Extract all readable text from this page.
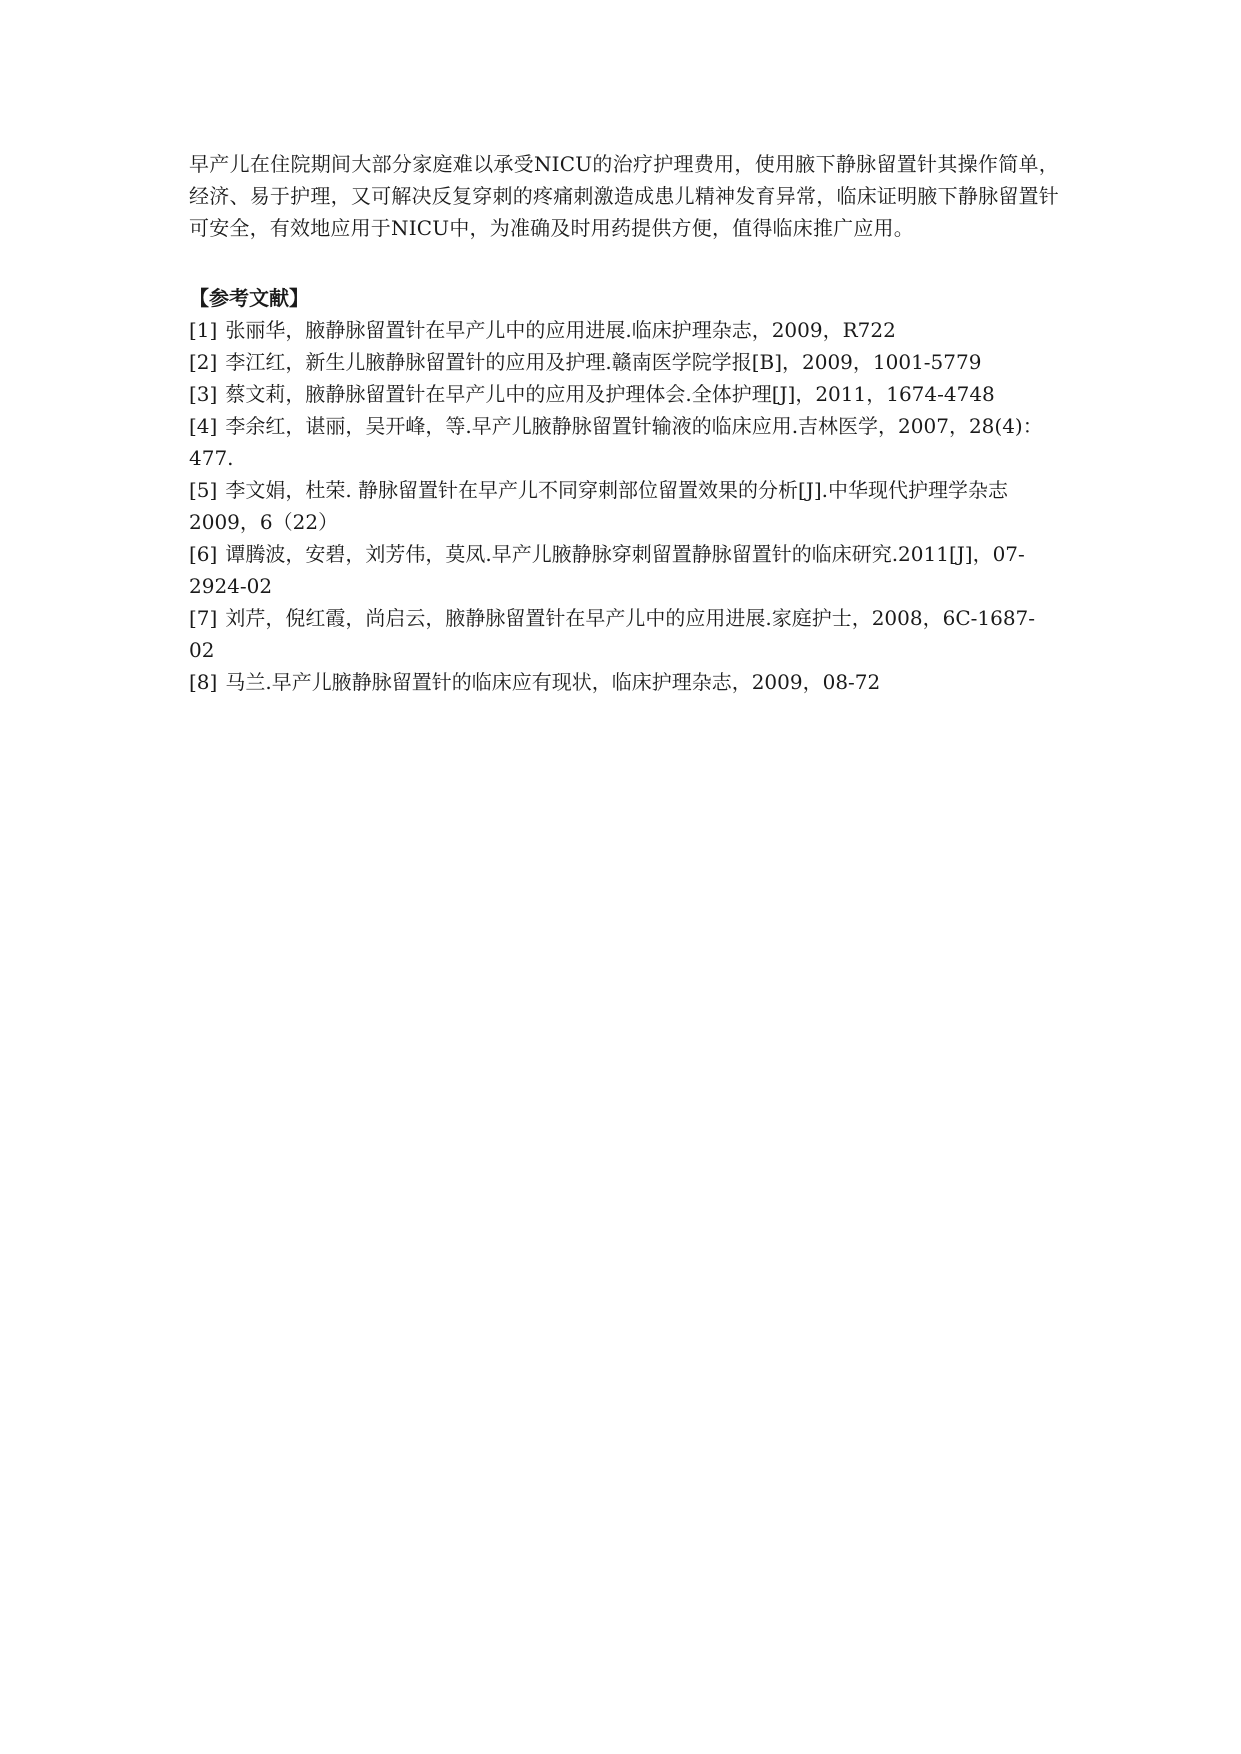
早产儿在住院期间大部分家庭难以承受NICU的治疗护理费用，使用腋下静脉留置针其操作简单，经济、易于护理，又可解决反复穿刺的疼痛刺激造成患儿精神发育异常，临床证明腋下静脉留置针可安全，有效地应用于NICU中，为准确及时用药提供方便，值得临床推广应用。

【参考文献】
[1] 张丽华，腋静脉留置针在早产儿中的应用进展.临床护理杂志，2009，R722
[2] 李江红，新生儿腋静脉留置针的应用及护理.赣南医学院学报[B]，2009，1001-5779
[3] 蔡文莉，腋静脉留置针在早产儿中的应用及护理体会.全体护理[J]，2011，1674-4748
[4] 李余红，谌丽，吴开峰，等.早产儿腋静脉留置针输液的临床应用.吉林医学，2007，28(4)：477.
[5] 李文娟，杜荣. 静脉留置针在早产儿不同穿刺部位留置效果的分析[J].中华现代护理学杂志 2009，6（22）
[6] 谭腾波，安碧，刘芳伟，莫凤.早产儿腋静脉穿刺留置静脉留置针的临床研究.2011[J]，07-2924-02
[7] 刘芹，倪红霞，尚启云，腋静脉留置针在早产儿中的应用进展.家庭护士，2008，6C-1687-02
[8] 马兰.早产儿腋静脉留置针的临床应有现状，临床护理杂志，2009，08-72
